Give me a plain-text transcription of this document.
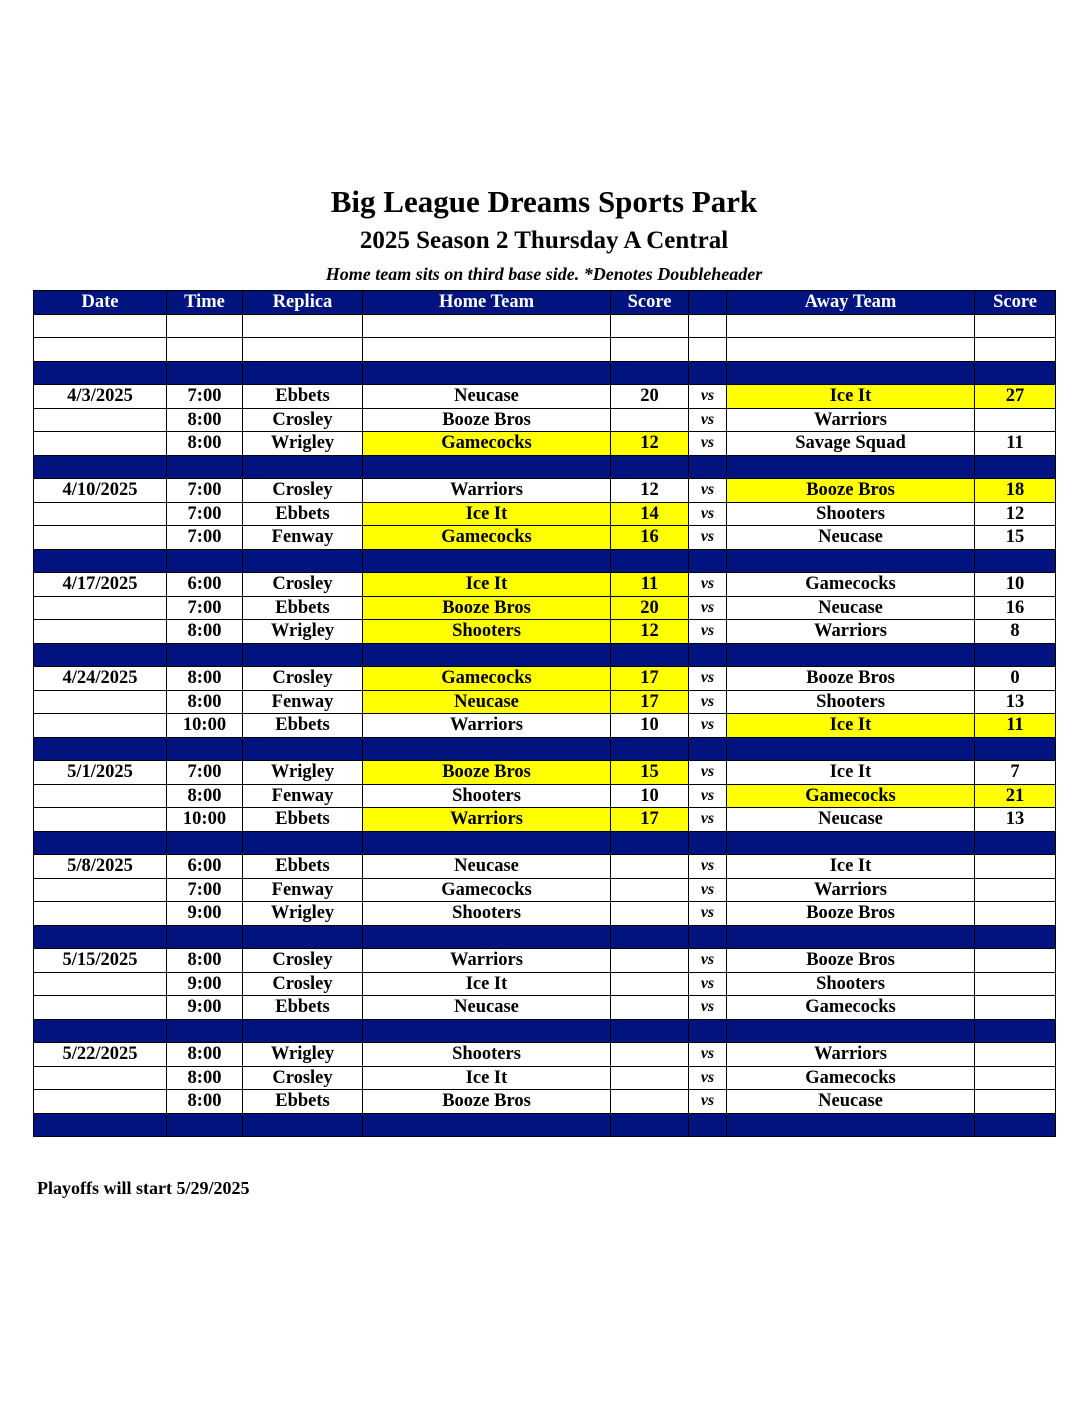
Big League Dreams Sports Park
2025 Season 2 Thursday A Central
Home team sits on third base side. *Denotes Doubleheader
Date	Time	Replica	Home Team	Score		Away Team	Score

4/3/2025	7:00	Ebbets	Neucase	20	vs	Ice It	27
	8:00	Crosley	Booze Bros		vs	Warriors	
	8:00	Wrigley	Gamecocks	12	vs	Savage Squad	11

4/10/2025	7:00	Crosley	Warriors	12	vs	Booze Bros	18
	7:00	Ebbets	Ice It	14	vs	Shooters	12
	7:00	Fenway	Gamecocks	16	vs	Neucase	15

4/17/2025	6:00	Crosley	Ice It	11	vs	Gamecocks	10
	7:00	Ebbets	Booze Bros	20	vs	Neucase	16
	8:00	Wrigley	Shooters	12	vs	Warriors	8

4/24/2025	8:00	Crosley	Gamecocks	17	vs	Booze Bros	0
	8:00	Fenway	Neucase	17	vs	Shooters	13
	10:00	Ebbets	Warriors	10	vs	Ice It	11

5/1/2025	7:00	Wrigley	Booze Bros	15	vs	Ice It	7
	8:00	Fenway	Shooters	10	vs	Gamecocks	21
	10:00	Ebbets	Warriors	17	vs	Neucase	13

5/8/2025	6:00	Ebbets	Neucase		vs	Ice It	
	7:00	Fenway	Gamecocks		vs	Warriors	
	9:00	Wrigley	Shooters		vs	Booze Bros	

5/15/2025	8:00	Crosley	Warriors		vs	Booze Bros	
	9:00	Crosley	Ice It		vs	Shooters	
	9:00	Ebbets	Neucase		vs	Gamecocks	

5/22/2025	8:00	Wrigley	Shooters		vs	Warriors	
	8:00	Crosley	Ice It		vs	Gamecocks	
	8:00	Ebbets	Booze Bros		vs	Neucase	

Playoffs will start 5/29/2025
